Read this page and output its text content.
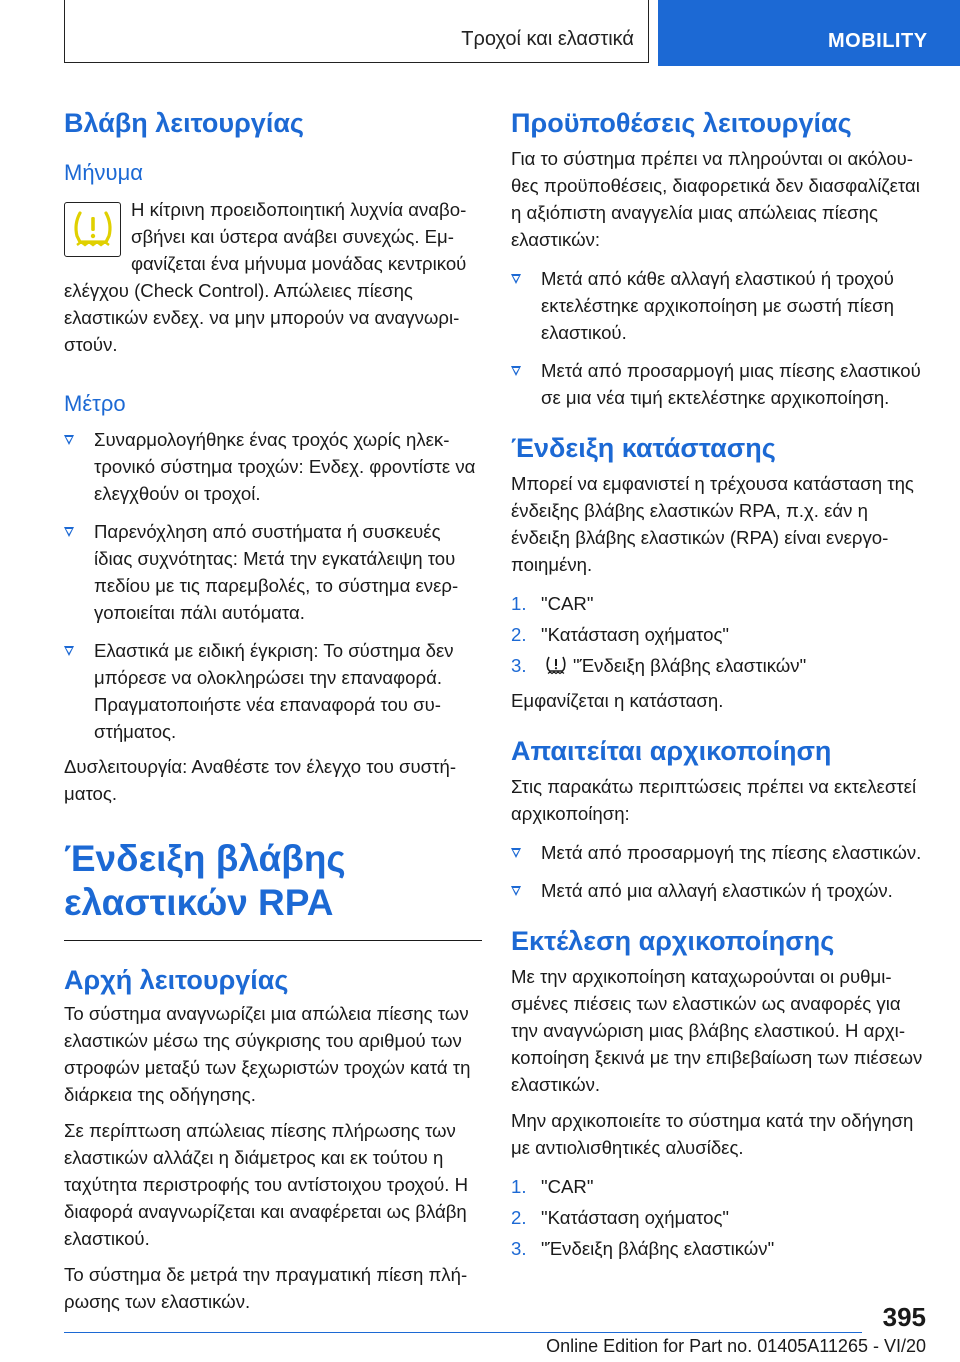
Τροχοί και ελαστικά	MOBILITY
Βλάβη λειτουργίας
Μήνυμα

Η κίτρινη προειδοποιητική λυχνία αναβοσβήνει και ύστερα ανάβει συνεχώς. Εμφανίζεται ένα μήνυμα μονάδας κεντρικού ελέγχου (Check Control). Απώλειες πίεσης ελαστικών ενδεχ. να μην μπορούν να αναγνωριστούν.

Μέτρο
Συναρμολογήθηκε ένας τροχός χωρίς ηλεκτρονικό σύστημα τροχών: Ενδεχ. φροντίστε να ελεγχθούν οι τροχοί.
Παρενόχληση από συστήματα ή συσκευές ίδιας συχνότητας: Μετά την εγκατάλειψη του πεδίου με τις παρεμβολές, το σύστημα ενεργοποιείται πάλι αυτόματα.
Ελαστικά με ειδική έγκριση: Το σύστημα δεν μπόρεσε να ολοκληρώσει την επαναφορά. Πραγματοποιήστε νέα επαναφορά του συστήματος.

Δυσλειτουργία: Αναθέστε τον έλεγχο του συστήματος.

Ένδειξη βλάβης ελαστικών RPA
Αρχή λειτουργίας

Το σύστημα αναγνωρίζει μια απώλεια πίεσης των ελαστικών μέσω της σύγκρισης του αριθμού των στροφών μεταξύ των ξεχωριστών τροχών κατά τη διάρκεια της οδήγησης.

Σε περίπτωση απώλειας πίεσης πλήρωσης των ελαστικών αλλάζει η διάμετρος και εκ τούτου η ταχύτητα περιστροφής του αντίστοιχου τροχού. Η διαφορά αναγνωρίζεται και αναφέρεται ως βλάβη ελαστικού.

Το σύστημα δε μετρά την πραγματική πίεση πλήρωσης των ελαστικών.

Προϋποθέσεις λειτουργίας

Για το σύστημα πρέπει να πληρούνται οι ακόλουθες προϋποθέσεις, διαφορετικά δεν διασφαλίζεται η αξιόπιστη αναγγελία μιας απώλειας πίεσης ελαστικών:

Μετά από κάθε αλλαγή ελαστικού ή τροχού εκτελέστηκε αρχικοποίηση με σωστή πίεση ελαστικού.
Μετά από προσαρμογή μιας πίεσης ελαστικού σε μια νέα τιμή εκτελέστηκε αρχικοποίηση.
Ένδειξη κατάστασης

Μπορεί να εμφανιστεί η τρέχουσα κατάσταση της ένδειξης βλάβης ελαστικών RPA, π.χ. εάν η ένδειξη βλάβης ελαστικών (RPA) είναι ενεργοποιημένη.

1. "CAR"
2. "Κατάσταση οχήματος"
3. "Ένδειξη βλάβης ελαστικών"

Εμφανίζεται η κατάσταση.

Απαιτείται αρχικοποίηση

Στις παρακάτω περιπτώσεις πρέπει να εκτελεστεί αρχικοποίηση:

Μετά από προσαρμογή της πίεσης ελαστικών.
Μετά από μια αλλαγή ελαστικών ή τροχών.
Εκτέλεση αρχικοποίησης

Με την αρχικοποίηση καταχωρούνται οι ρυθμισμένες πιέσεις των ελαστικών ως αναφορές για την αναγνώριση μιας βλάβης ελαστικού. Η αρχικοποίηση ξεκινά με την επιβεβαίωση των πιέσεων ελαστικών.

Μην αρχικοποιείτε το σύστημα κατά την οδήγηση με αντιολισθητικές αλυσίδες.

1. "CAR"
2. "Κατάσταση οχήματος"
3. "Ένδειξη βλάβης ελαστικών"
395
Online Edition for Part no. 01405A11265 - VI/20
